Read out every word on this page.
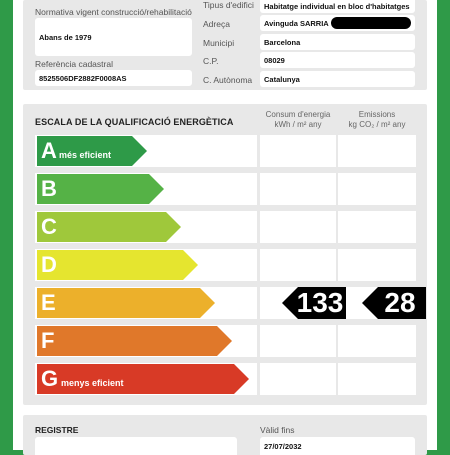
Normativa vigent construcció/rehabilitació
Abans de 1979
Referència cadastral
8525506DF2882F0008AS
Tipus d'edifici	Habitatge individual en bloc d'habitatges
Adreça	Avinguda SARRIA
Municipi	Barcelona
C.P.	08029
C. Autònoma	Catalunya
ESCALA DE LA QUALIFICACIÓ ENERGÈTICA
Consum d'energia
kWh / m² any
Emissions
kg CO₂ / m² any
A més eficient
B
C
D
E	133	28
F
G menys eficient
REGISTRE	Vàlid fins
27/07/2032
